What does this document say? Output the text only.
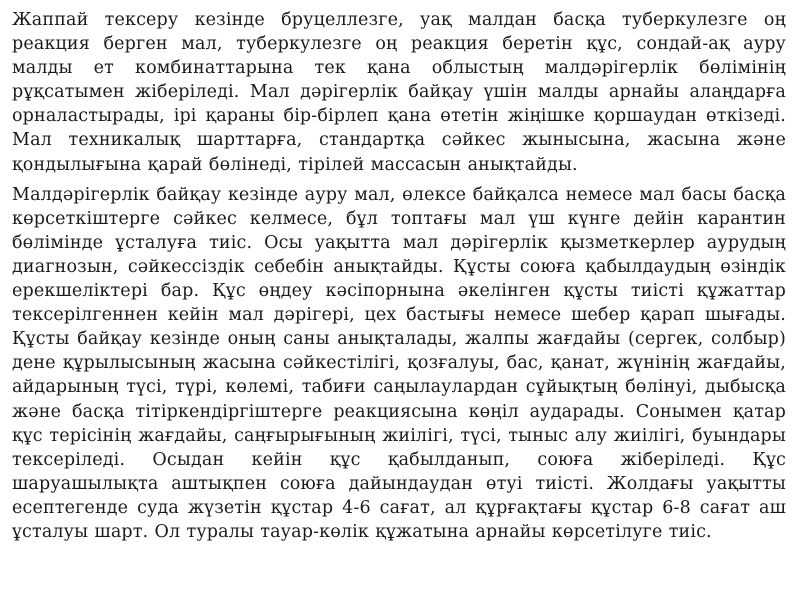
Жаппай тексеру кезінде бруцеллезге, уақ малдан басқа туберкулезге оң реакция берген мал, туберкулезге оң реакция беретін құс, сондай-ақ ауру малды ет комбинаттарына тек қана облыстың малдәрігерлік бөлімінің рұқсатымен жіберіледі. Мал дәрігерлік байқау үшін малды арнайы алаңдарға орналастырады, ірі қараны бір-бірлеп қана өтетін жіңішке қоршаудан өткізеді. Мал техникалық шарттарға, стандартқа сәйкес жынысына, жасына және қондылығына қарай бөлінеді, тірілей массасын анықтайды.

Малдәрігерлік байқау кезінде ауру мал, өлексе байқалса немесе мал басы басқа көрсеткіштерге сәйкес келмесе, бұл топтағы мал үш күнге дейін карантин бөлімінде ұсталуға тиіс. Осы уақытта мал дәрігерлік қызметкерлер аурудың диагнозын, сәйкессіздік себебін анықтайды. Құсты союға қабылдаудың өзіндік ерекшеліктері бар. Құс өңдеу кәсіпорнына әкелінген құсты тиісті құжаттар тексерілгеннен кейін мал дәрігері, цех бастығы немесе шебер қарап шығады. Құсты байқау кезінде оның саны анықталады, жалпы жағдайы (сергек, солбыр) дене құрылысының жасына сәйкестілігі, қозғалуы, бас, қанат, жүнінің жағдайы, айдарының түсі, түрі, көлемі, табиғи саңылаулардан сұйықтың бөлінуі, дыбысқа және басқа тітіркендіргіштерге реакциясына көңіл аударады. Сонымен қатар құс терісінің жағдайы, саңғырығының жиілігі, түсі, тыныс алу жиілігі, буындары тексеріледі. Осыдан кейін құс қабылданып, союға жіберіледі. Құс шаруашылықта аштықпен союға дайындаудан өтуі тиісті. Жолдағы уақытты есептегенде суда жүзетін құстар 4-6 сағат, ал құрғақтағы құстар 6-8 сағат аш ұсталуы шарт. Ол туралы тауар-көлік құжатына арнайы көрсетілуге тиіс.
